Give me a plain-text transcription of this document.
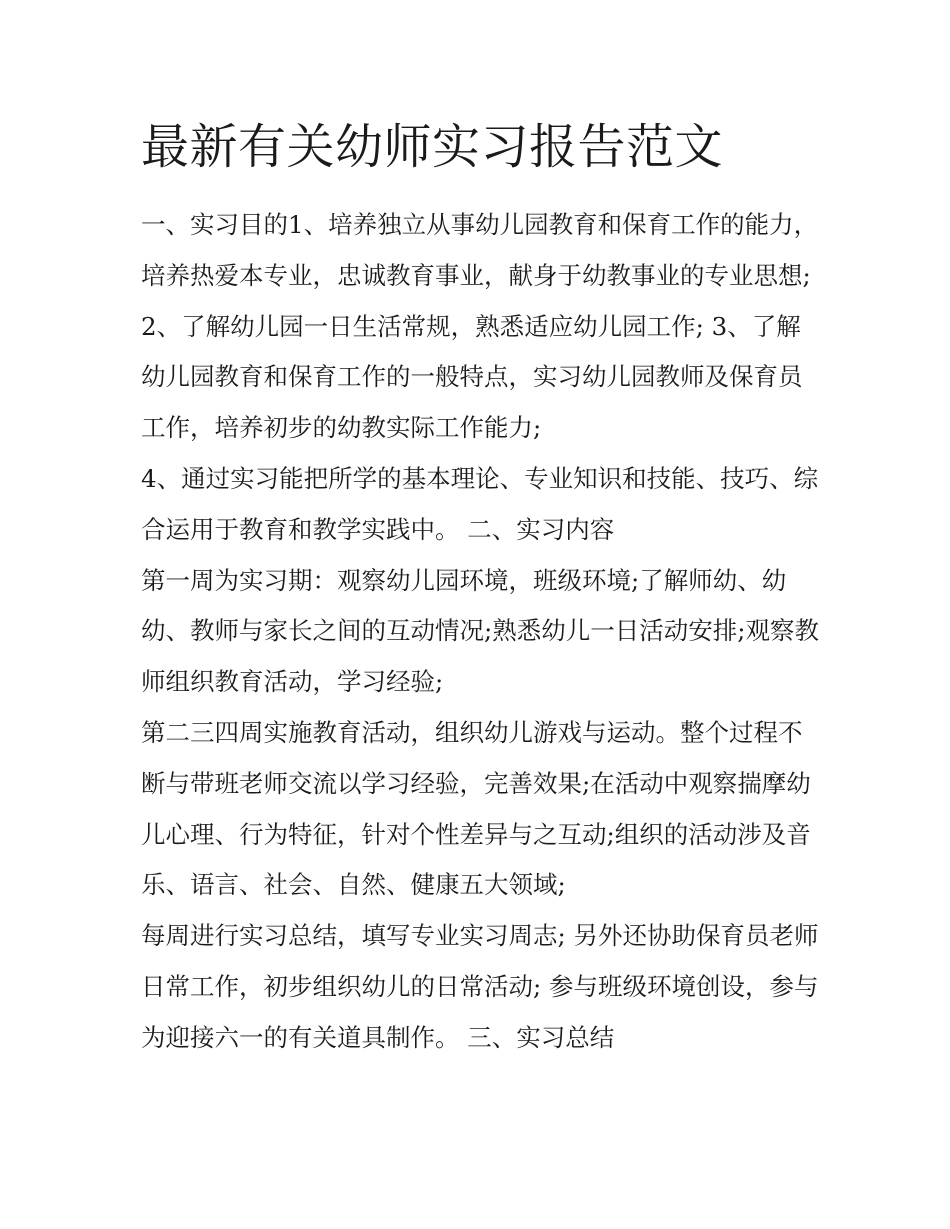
最新有关幼师实习报告范文

一、实习目的1、培养独立从事幼儿园教育和保育工作的能力，培养热爱本专业，忠诚教育事业，献身于幼教事业的专业思想;

2、了解幼儿园一日生活常规，熟悉适应幼儿园工作; 3、了解幼儿园教育和保育工作的一般特点，实习幼儿园教师及保育员工作，培养初步的幼教实际工作能力;

4、通过实习能把所学的基本理论、专业知识和技能、技巧、综合运用于教育和教学实践中。 二、实习内容

第一周为实习期：观察幼儿园环境，班级环境;了解师幼、幼幼、教师与家长之间的互动情况;熟悉幼儿一日活动安排;观察教师组织教育活动，学习经验;

第二三四周实施教育活动，组织幼儿游戏与运动。整个过程不断与带班老师交流以学习经验，完善效果;在活动中观察揣摩幼儿心理、行为特征，针对个性差异与之互动;组织的活动涉及音乐、语言、社会、自然、健康五大领域;

每周进行实习总结，填写专业实习周志; 另外还协助保育员老师日常工作，初步组织幼儿的日常活动; 参与班级环境创设，参与为迎接六一的有关道具制作。 三、实习总结
